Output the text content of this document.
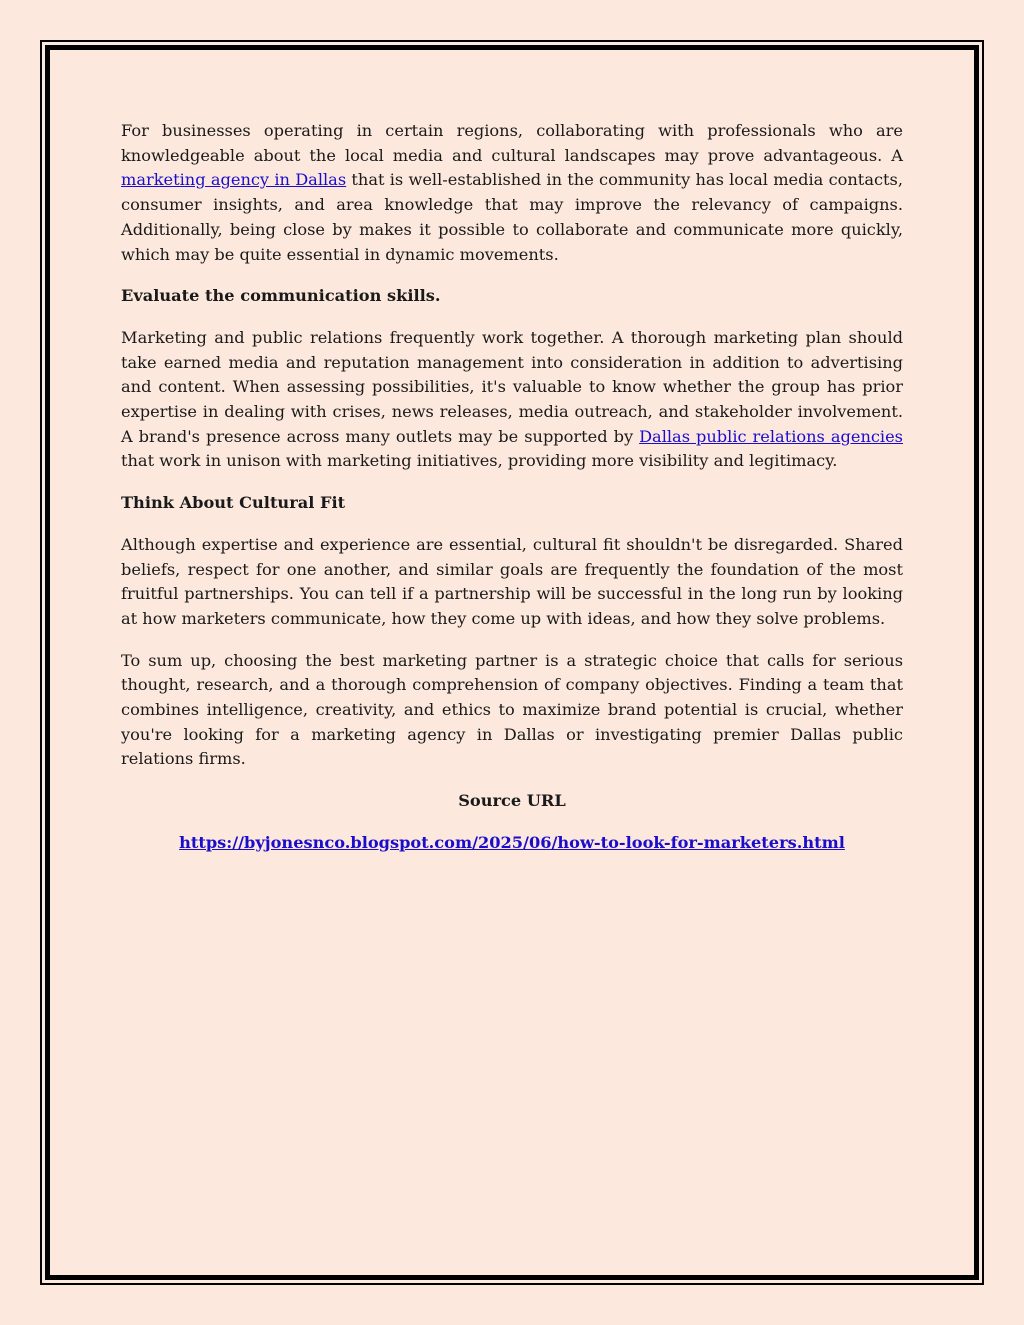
For businesses operating in certain regions, collaborating with professionals who are knowledgeable about the local media and cultural landscapes may prove advantageous. A marketing agency in Dallas that is well-established in the community has local media contacts, consumer insights, and area knowledge that may improve the relevancy of campaigns. Additionally, being close by makes it possible to collaborate and communicate more quickly, which may be quite essential in dynamic movements.

Evaluate the communication skills.

Marketing and public relations frequently work together. A thorough marketing plan should take earned media and reputation management into consideration in addition to advertising and content. When assessing possibilities, it's valuable to know whether the group has prior expertise in dealing with crises, news releases, media outreach, and stakeholder involvement. A brand's presence across many outlets may be supported by Dallas public relations agencies that work in unison with marketing initiatives, providing more visibility and legitimacy.

Think About Cultural Fit

Although expertise and experience are essential, cultural fit shouldn't be disregarded. Shared beliefs, respect for one another, and similar goals are frequently the foundation of the most fruitful partnerships. You can tell if a partnership will be successful in the long run by looking at how marketers communicate, how they come up with ideas, and how they solve problems.

To sum up, choosing the best marketing partner is a strategic choice that calls for serious thought, research, and a thorough comprehension of company objectives. Finding a team that combines intelligence, creativity, and ethics to maximize brand potential is crucial, whether you're looking for a marketing agency in Dallas or investigating premier Dallas public relations firms.

Source URL

https://byjonesnco.blogspot.com/2025/06/how-to-look-for-marketers.html
